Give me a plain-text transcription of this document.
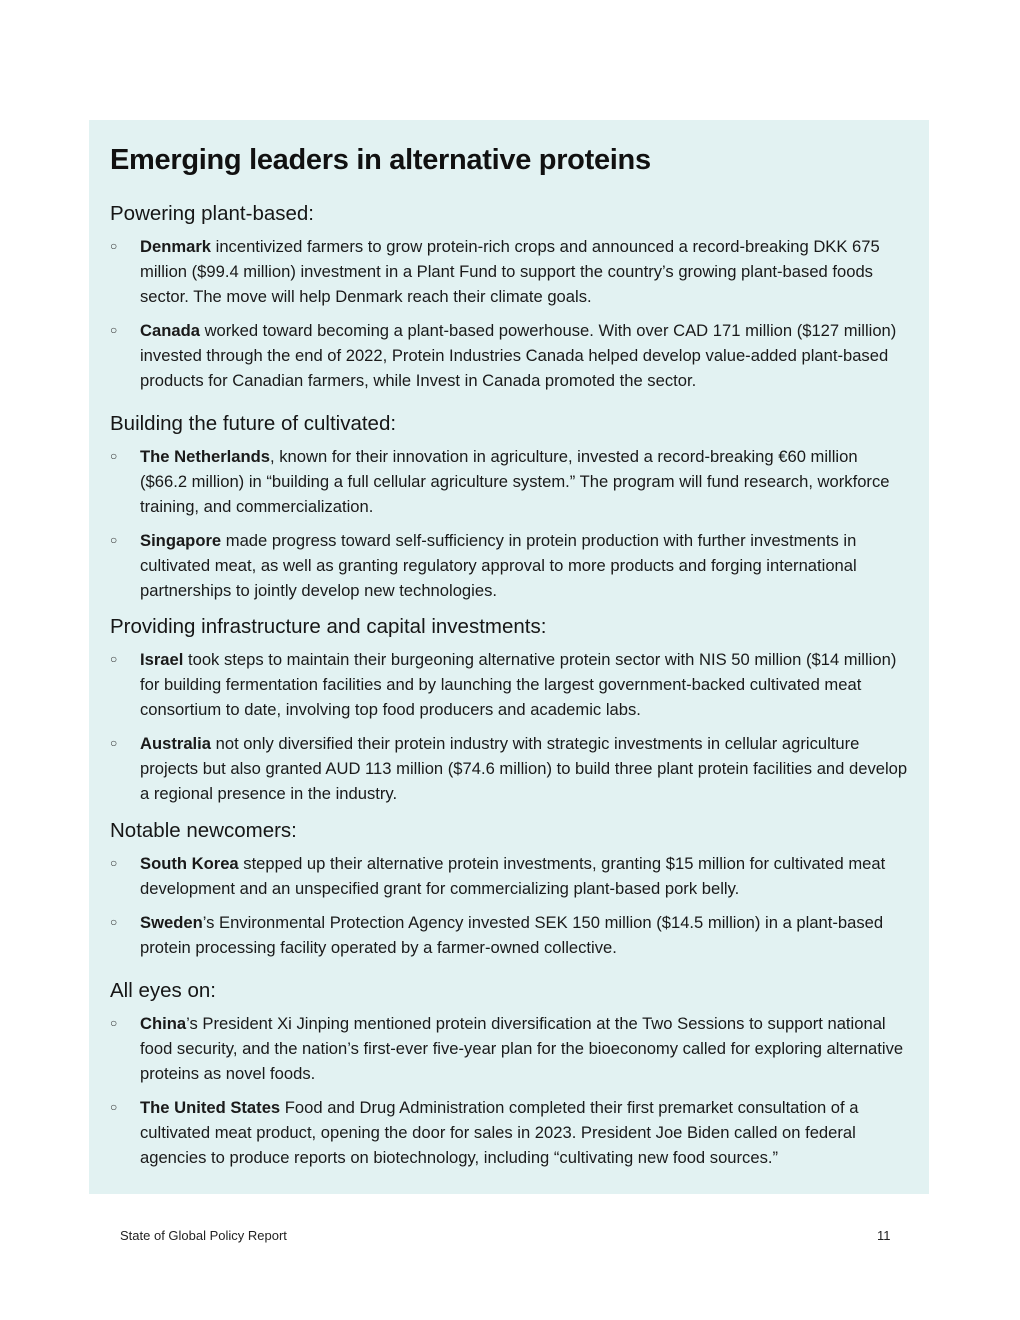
Emerging leaders in alternative proteins
Powering plant-based:
○ Denmark incentivized farmers to grow protein-rich crops and announced a record-breaking DKK 675 million ($99.4 million) investment in a Plant Fund to support the country’s growing plant-based foods sector. The move will help Denmark reach their climate goals.
○ Canada worked toward becoming a plant-based powerhouse. With over CAD 171 million ($127 million) invested through the end of 2022, Protein Industries Canada helped develop value-added plant-based products for Canadian farmers, while Invest in Canada promoted the sector.
Building the future of cultivated:
○ The Netherlands, known for their innovation in agriculture, invested a record-breaking €60 million ($66.2 million) in “building a full cellular agriculture system.” The program will fund research, workforce training, and commercialization.
○ Singapore made progress toward self-sufficiency in protein production with further investments in cultivated meat, as well as granting regulatory approval to more products and forging international partnerships to jointly develop new technologies.
Providing infrastructure and capital investments:
○ Israel took steps to maintain their burgeoning alternative protein sector with NIS 50 million ($14 million) for building fermentation facilities and by launching the largest government-backed cultivated meat consortium to date, involving top food producers and academic labs.
○ Australia not only diversified their protein industry with strategic investments in cellular agriculture projects but also granted AUD 113 million ($74.6 million) to build three plant protein facilities and develop a regional presence in the industry.
Notable newcomers:
○ South Korea stepped up their alternative protein investments, granting $15 million for cultivated meat development and an unspecified grant for commercializing plant-based pork belly.
○ Sweden’s Environmental Protection Agency invested SEK 150 million ($14.5 million) in a plant-based protein processing facility operated by a farmer-owned collective.
All eyes on:
○ China’s President Xi Jinping mentioned protein diversification at the Two Sessions to support national food security, and the nation’s first-ever five-year plan for the bioeconomy called for exploring alternative proteins as novel foods.
○ The United States Food and Drug Administration completed their first premarket consultation of a cultivated meat product, opening the door for sales in 2023. President Joe Biden called on federal agencies to produce reports on biotechnology, including “cultivating new food sources.”
State of Global Policy Report	11
